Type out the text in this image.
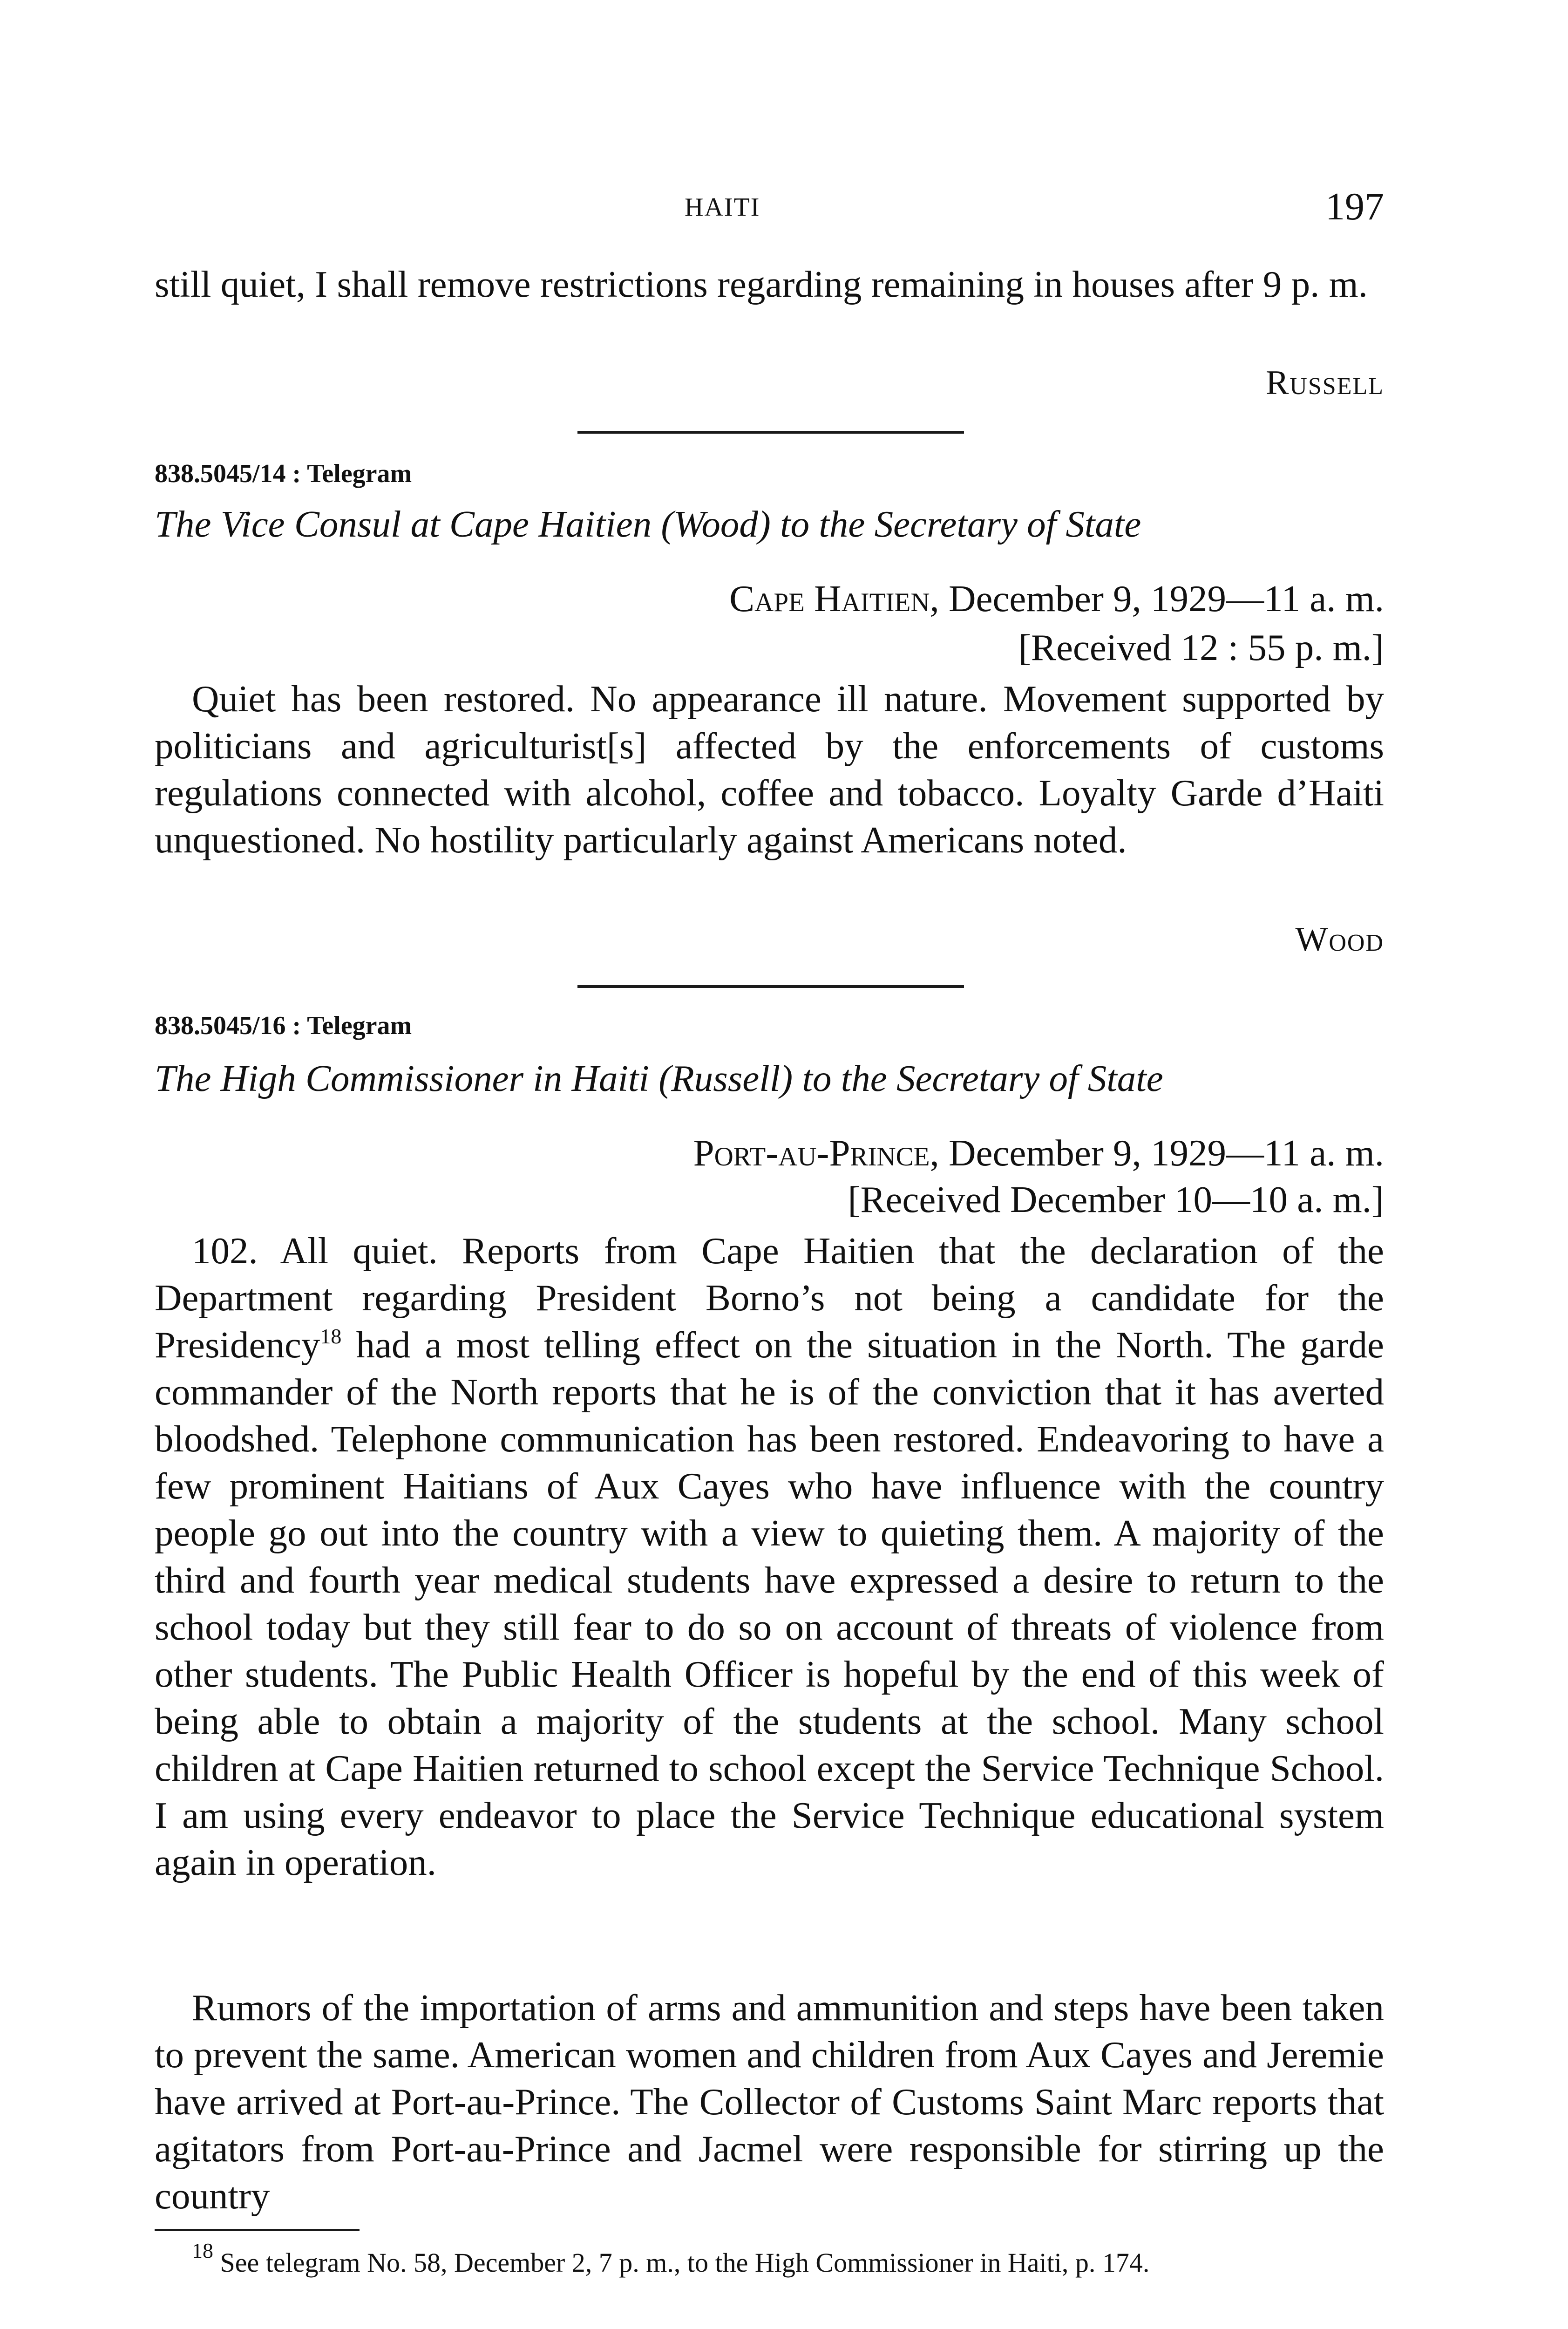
HAITI	197

still quiet, I shall remove restrictions regarding remaining in houses after 9 p. m.

Russell
838.5045/14 : Telegram
The Vice Consul at Cape Haitien (Wood) to the Secretary of State
Cape Haitien, December 9, 1929—11 a. m.
[Received 12 : 55 p. m.]

Quiet has been restored. No appearance ill nature. Movement supported by politicians and agriculturist[s] affected by the enforcements of customs regulations connected with alcohol, coffee and tobacco. Loyalty Garde d’Haiti unquestioned. No hostility particularly against Americans noted.

Wood
838.5045/16 : Telegram
The High Commissioner in Haiti (Russell) to the Secretary of State
Port-au-Prince, December 9, 1929—11 a. m.
[Received December 10—10 a. m.]

102. All quiet. Reports from Cape Haitien that the declaration of the Department regarding President Borno’s not being a candidate for the Presidency$^{18}$ had a most telling effect on the situation in the North. The garde commander of the North reports that he is of the conviction that it has averted bloodshed. Telephone communication has been restored. Endeavoring to have a few prominent Haitians of Aux Cayes who have influence with the country people go out into the country with a view to quieting them. A majority of the third and fourth year medical students have expressed a desire to return to the school today but they still fear to do so on account of threats of violence from other students. The Public Health Officer is hopeful by the end of this week of being able to obtain a majority of the students at the school. Many school children at Cape Haitien returned to school except the Service Technique School. I am using every endeavor to place the Service Technique educational system again in operation.

Rumors of the importation of arms and ammunition and steps have been taken to prevent the same. American women and children from Aux Cayes and Jeremie have arrived at Port-au-Prince. The Collector of Customs Saint Marc reports that agitators from Port-au-Prince and Jacmel were responsible for stirring up the country

$^{18}$ See telegram No. 58, December 2, 7 p. m., to the High Commissioner in Haiti, p. 174.
